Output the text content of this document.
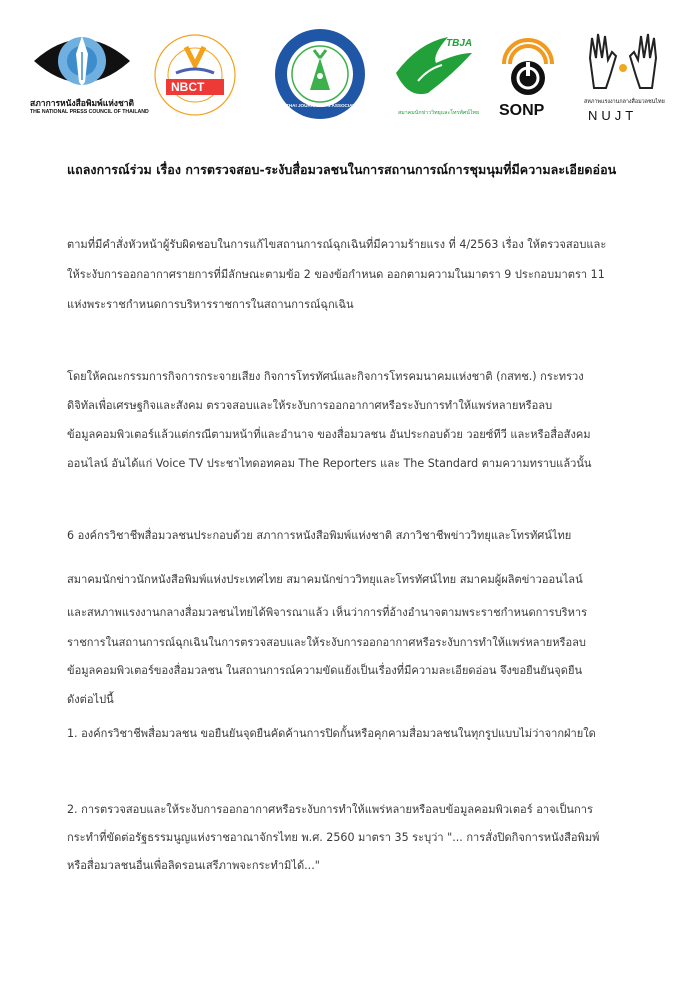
สภาการหนังสือพิมพ์แห่งชาติ
THE NATIONAL PRESS COUNCIL OF THAILAND
NBCT
THAI JOURNALISTS ASSOCIATION
TBJA
สมาคมนักข่าววิทยุและโทรทัศน์ไทย SONP	สหภาพแรงงานกลางสื่อมวลชนไทย
NUJT
แถลงการณ์ร่วม เรื่อง การตรวจสอบ-ระงับสื่อมวลชนในการสถานการณ์การชุมนุมที่มีความละเอียดอ่อน
ตามที่มีคำสั่งหัวหน้าผู้รับผิดชอบในการแก้ไขสถานการณ์ฉุกเฉินที่มีความร้ายแรง ที่ 4/2563 เรื่อง ให้ตรวจสอบและ
ให้ระงับการออกอากาศรายการที่มีลักษณะตามข้อ 2 ของข้อกำหนด ออกตามความในมาตรา 9 ประกอบมาตรา 11
แห่งพระราชกำหนดการบริหารราชการในสถานการณ์ฉุกเฉิน
โดยให้คณะกรรมการกิจการกระจายเสียง กิจการโทรทัศน์และกิจการโทรคมนาคมแห่งชาติ (กสทช.) กระทรวง
ดิจิทัลเพื่อเศรษฐกิจและสังคม ตรวจสอบและให้ระงับการออกอากาศหรือระงับการทำให้แพร่หลายหรือลบ
ข้อมูลคอมพิวเตอร์แล้วแต่กรณีตามหน้าที่และอำนาจ ของสื่อมวลชน อันประกอบด้วย วอยซ์ทีวี และหรือสื่อสังคม
ออนไลน์ อันได้แก่ Voice TV ประชาไทดอทคอม The Reporters และ The Standard ตามความทราบแล้วนั้น
6 องค์กรวิชาชีพสื่อมวลชนประกอบด้วย สภาการหนังสือพิมพ์แห่งชาติ สภาวิชาชีพข่าววิทยุและโทรทัศน์ไทย
สมาคมนักข่าวนักหนังสือพิมพ์แห่งประเทศไทย สมาคมนักข่าววิทยุและโทรทัศน์ไทย สมาคมผู้ผลิตข่าวออนไลน์
และสหภาพแรงงานกลางสื่อมวลชนไทยได้พิจารณาแล้ว เห็นว่าการที่อ้างอำนาจตามพระราชกำหนดการบริหาร
ราชการในสถานการณ์ฉุกเฉินในการตรวจสอบและให้ระงับการออกอากาศหรือระงับการทำให้แพร่หลายหรือลบ
ข้อมูลคอมพิวเตอร์ของสื่อมวลชน ในสถานการณ์ความขัดแย้งเป็นเรื่องที่มีความละเอียดอ่อน จึงขอยืนยันจุดยืน
ดังต่อไปนี้
1. องค์กรวิชาชีพสื่อมวลชน ขอยืนยันจุดยืนคัดค้านการปิดกั้นหรือคุกคามสื่อมวลชนในทุกรูปแบบไม่ว่าจากฝ่ายใด
2. การตรวจสอบและให้ระงับการออกอากาศหรือระงับการทำให้แพร่หลายหรือลบข้อมูลคอมพิวเตอร์ อาจเป็นการ
กระทำที่ขัดต่อรัฐธรรมนูญแห่งราชอาณาจักรไทย พ.ศ. 2560 มาตรา 35 ระบุว่า "... การสั่งปิดกิจการหนังสือพิมพ์
หรือสื่อมวลชนอื่นเพื่อลิดรอนเสรีภาพจะกระทำมิได้..."
